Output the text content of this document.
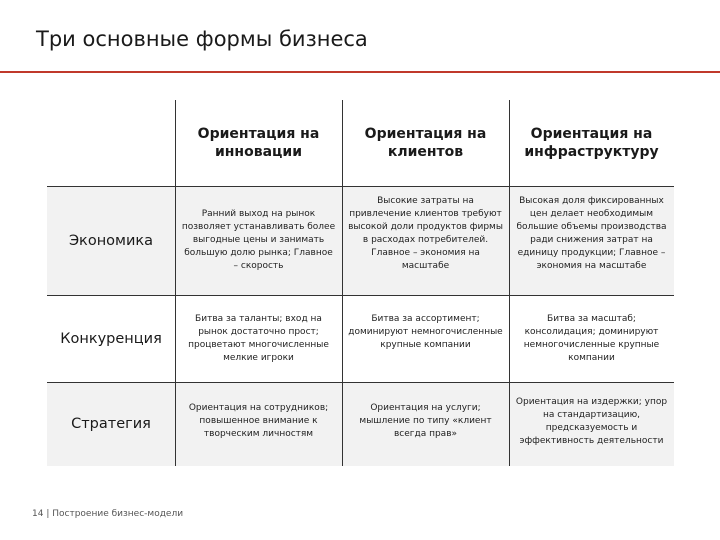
Три основные формы бизнеса
Ориентация на инновации
Ориентация на клиентов
Ориентация на инфраструктуру
Экономика
Ранний выход на рынок позволяет устанавливать более выгодные цены и занимать большую долю рынка; Главное – скорость
Высокие затраты на привлечение клиентов требуют высокой доли продуктов фирмы в расходах потребителей. Главное – экономия на масштабе
Высокая доля фиксированных цен делает необходимым большие объемы производства ради снижения затрат на единицу продукции; Главное – экономия на масштабе
Конкуренция
Битва за таланты; вход на рынок достаточно прост; процветают многочисленные мелкие игроки
Битва за ассортимент; доминируют немногочисленные крупные компании
Битва за масштаб; консолидация; доминируют немногочисленные крупные компании
Стратегия
Ориентация на сотрудников; повышенное внимание к творческим личностям
Ориентация на услуги; мышление по типу «клиент всегда прав»
Ориентация на издержки; упор на стандартизацию, предсказуемость и эффективность деятельности
14 | Построение бизнес-модели
